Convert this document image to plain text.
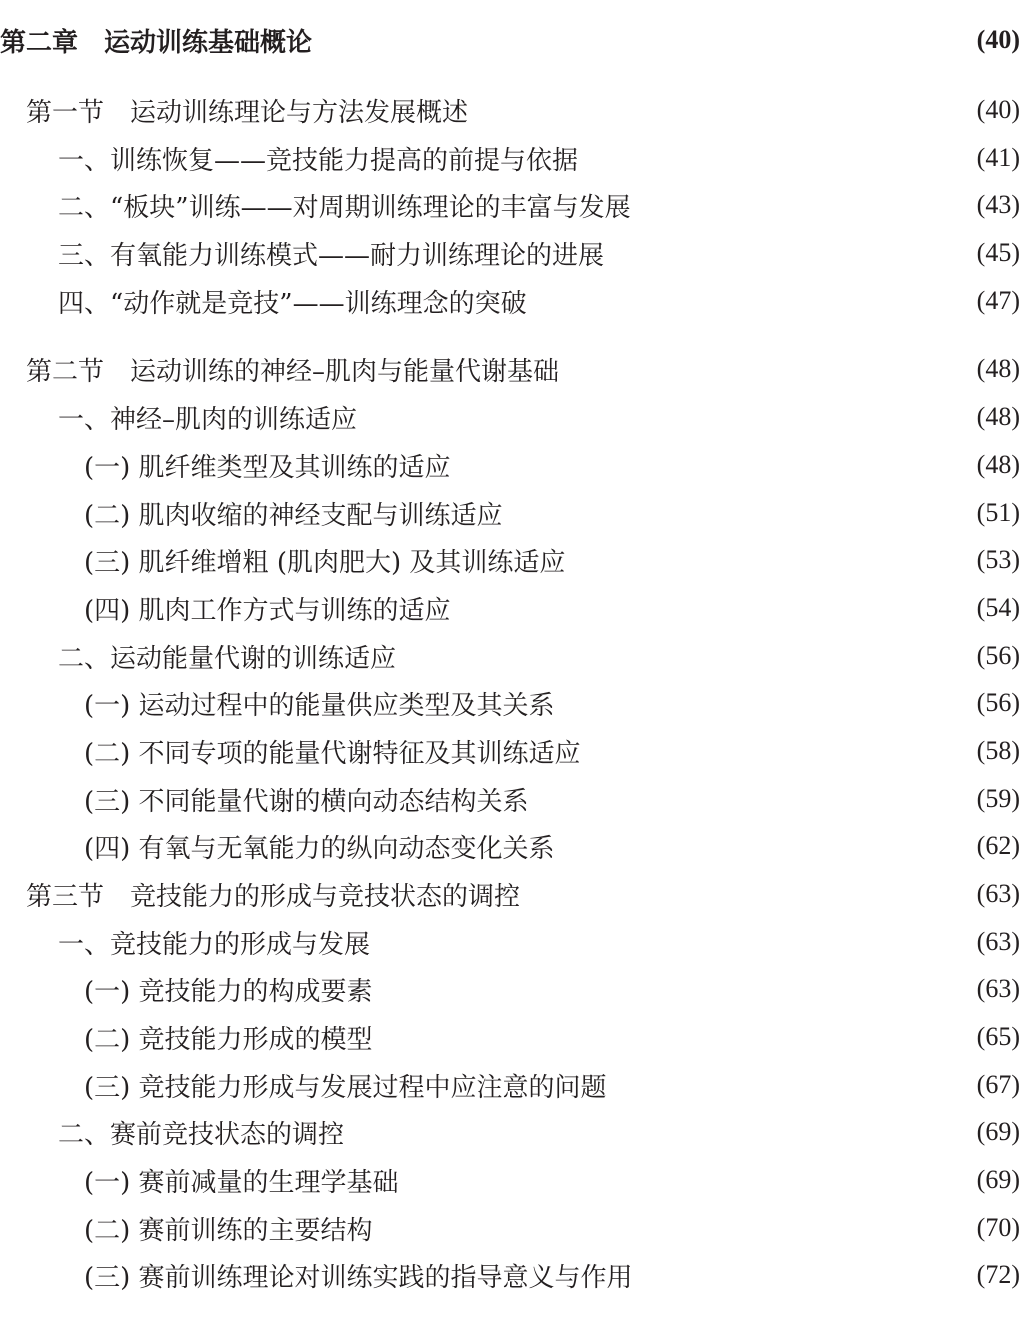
第二章　运动训练基础概论	(40)
第一节　运动训练理论与方法发展概述	(40)
一、训练恢复——竞技能力提高的前提与依据	(41)
二、“板块”训练——对周期训练理论的丰富与发展	(43)
三、有氧能力训练模式——耐力训练理论的进展	(45)
四、“动作就是竞技”——训练理念的突破	(47)
第二节　运动训练的神经–肌肉与能量代谢基础	(48)
一、神经–肌肉的训练适应	(48)
(一) 肌纤维类型及其训练的适应	(48)
(二) 肌肉收缩的神经支配与训练适应	(51)
(三) 肌纤维增粗 (肌肉肥大) 及其训练适应	(53)
(四) 肌肉工作方式与训练的适应	(54)
二、运动能量代谢的训练适应	(56)
(一) 运动过程中的能量供应类型及其关系	(56)
(二) 不同专项的能量代谢特征及其训练适应	(58)
(三) 不同能量代谢的横向动态结构关系	(59)
(四) 有氧与无氧能力的纵向动态变化关系	(62)
第三节　竞技能力的形成与竞技状态的调控	(63)
一、竞技能力的形成与发展	(63)
(一) 竞技能力的构成要素	(63)
(二) 竞技能力形成的模型	(65)
(三) 竞技能力形成与发展过程中应注意的问题	(67)
二、赛前竞技状态的调控	(69)
(一) 赛前减量的生理学基础	(69)
(二) 赛前训练的主要结构	(70)
(三) 赛前训练理论对训练实践的指导意义与作用	(72)
